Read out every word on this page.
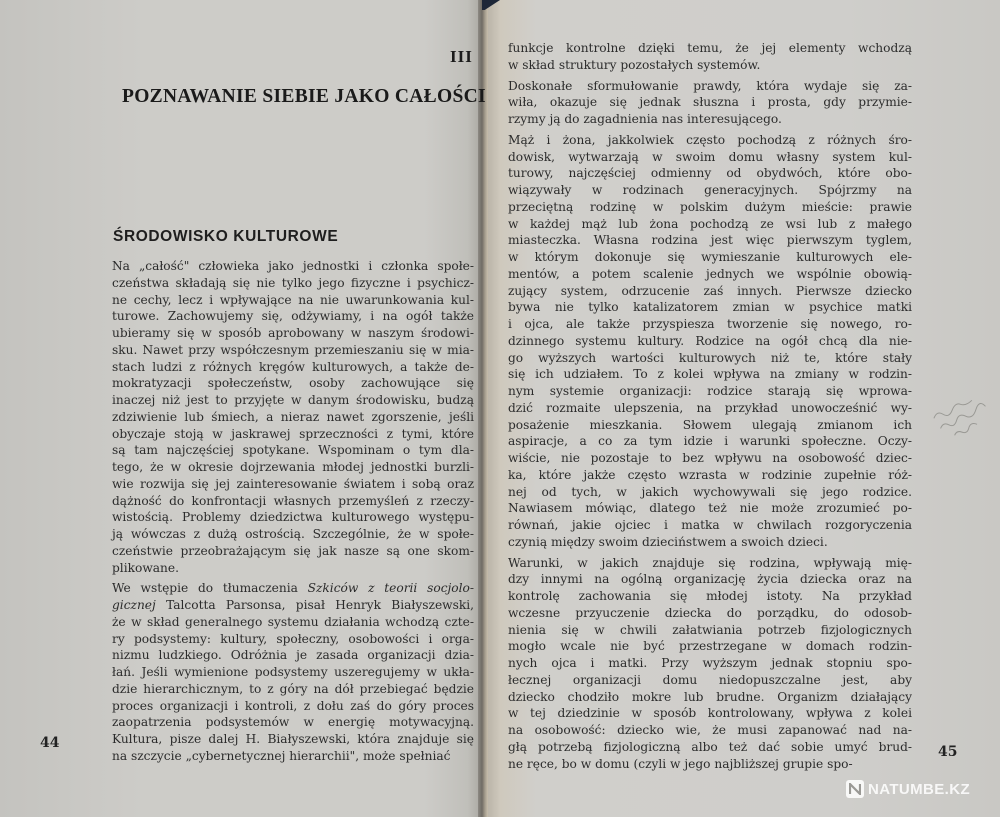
III
POZNAWANIE SIEBIE JAKO CAŁOŚCI
ŚRODOWISKO KULTUROWE

Na „całość" człowieka jako jednostki i członka społe-
czeństwa składają się nie tylko jego fizyczne i psychicz-
ne cechy, lecz i wpływające na nie uwarunkowania kul-
turowe. Zachowujemy się, odżywiamy, i na ogół także
ubieramy się w sposób aprobowany w naszym środowi-
sku. Nawet przy współczesnym przemieszaniu się w mia-
stach ludzi z różnych kręgów kulturowych, a także de-
mokratyzacji społeczeństw, osoby zachowujące się
inaczej niż jest to przyjęte w danym środowisku, budzą
zdziwienie lub śmiech, a nieraz nawet zgorszenie, jeśli
obyczaje stoją w jaskrawej sprzeczności z tymi, które
są tam najczęściej spotykane. Wspominam o tym dla-
tego, że w okresie dojrzewania młodej jednostki burzli-
wie rozwija się jej zainteresowanie światem i sobą oraz
dążność do konfrontacji własnych przemyśleń z rzeczy-
wistością. Problemy dziedzictwa kulturowego występu-
ją wówczas z dużą ostrością. Szczególnie, że w społe-
czeństwie przeobrażającym się jak nasze są one skom-
plikowane.

We wstępie do tłumaczenia Szkiców z teorii socjolo-
gicznej Talcotta Parsonsa, pisał Henryk Białyszewski,
że w skład generalnego systemu działania wchodzą czte-
ry podsystemy: kultury, społeczny, osobowości i orga-
nizmu ludzkiego. Odróżnia je zasada organizacji dzia-
łań. Jeśli wymienione podsystemy uszeregujemy w ukła-
dzie hierarchicznym, to z góry na dół przebiegać będzie
proces organizacji i kontroli, z dołu zaś do góry proces
zaopatrzenia podsystemów w energię motywacyjną.
Kultura, pisze dalej H. Białyszewski, która znajduje się
na szczycie „cybernetycznej hierarchii", może spełniać

funkcje kontrolne dzięki temu, że jej elementy wchodzą
w skład struktury pozostałych systemów.

Doskonałe sformułowanie prawdy, która wydaje się za-
wiła, okazuje się jednak słuszna i prosta, gdy przymie-
rzymy ją do zagadnienia nas interesującego.

Mąż i żona, jakkolwiek często pochodzą z różnych śro-
dowisk, wytwarzają w swoim domu własny system kul-
turowy, najczęściej odmienny od obydwóch, które obo-
wiązywały w rodzinach generacyjnych. Spójrzmy na
przeciętną rodzinę w polskim dużym mieście: prawie
w każdej mąż lub żona pochodzą ze wsi lub z małego
miasteczka. Własna rodzina jest więc pierwszym tyglem,
w którym dokonuje się wymieszanie kulturowych ele-
mentów, a potem scalenie jednych we wspólnie obowią-
zujący system, odrzucenie zaś innych. Pierwsze dziecko
bywa nie tylko katalizatorem zmian w psychice matki
i ojca, ale także przyspiesza tworzenie się nowego, ro-
dzinnego systemu kultury. Rodzice na ogół chcą dla nie-
go wyższych wartości kulturowych niż te, które stały
się ich udziałem. To z kolei wpływa na zmiany w rodzin-
nym systemie organizacji: rodzice starają się wprowa-
dzić rozmaite ulepszenia, na przykład unowocześnić wy-
posażenie mieszkania. Słowem ulegają zmianom ich
aspiracje, a co za tym idzie i warunki społeczne. Oczy-
wiście, nie pozostaje to bez wpływu na osobowość dziec-
ka, które jakże często wzrasta w rodzinie zupełnie róż-
nej od tych, w jakich wychowywali się jego rodzice.
Nawiasem mówiąc, dlatego też nie może zrozumieć po-
równań, jakie ojciec i matka w chwilach rozgoryczenia
czynią między swoim dzieciństwem a swoich dzieci.

Warunki, w jakich znajduje się rodzina, wpływają mię-
dzy innymi na ogólną organizację życia dziecka oraz na
kontrolę zachowania się młodej istoty. Na przykład
wczesne przyuczenie dziecka do porządku, do odosob-
nienia się w chwili załatwiania potrzeb fizjologicznych
mogło wcale nie być przestrzegane w domach rodzin-
nych ojca i matki. Przy wyższym jednak stopniu spo-
łecznej organizacji domu niedopuszczalne jest, aby
dziecko chodziło mokre lub brudne. Organizm działający
w tej dziedzinie w sposób kontrolowany, wpływa z kolei
na osobowość: dziecko wie, że musi zapanować nad na-
głą potrzebą fizjologiczną albo też dać sobie umyć brud-
ne ręce, bo w domu (czyli w jego najbliższej grupie spo-

44
45
NATUMBE.KZ
